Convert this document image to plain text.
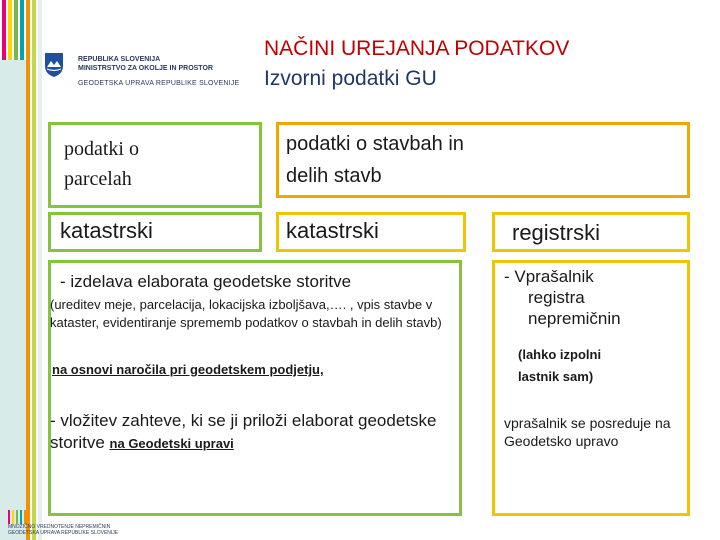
REPUBLIKA SLOVENIJA
MINISTRSTVO ZA OKOLJE IN PROSTOR
GEODETSKA UPRAVA REPUBLIKE SLOVENIJE
NAČINI UREJANJA PODATKOV
Izvorni podatki GU
podatki o
parcelah
podatki o stavbah in
delih stavb
katastrski	katastrski	registrski
- izdelava elaborata geodetske storitve
(ureditev meje, parcelacija, lokacijska izboljšava,…. , vpis stavbe v kataster, evidentiranje sprememb podatkov o stavbah in delih stavb)
na osnovi naročila pri geodetskem podjetju,
- vložitev zahteve, ki se ji priloži elaborat geodetske storitve na Geodetski upravi
- Vprašalnik
registra
nepremičnin
(lahko izpolni
lastnik sam)
vprašalnik se posreduje na Geodetsko upravo

MNOŽIČNO VREDNOTENJE NEPREMIČNIN
GEODETSKA UPRAVA REPUBLIKE SLOVENIJE
